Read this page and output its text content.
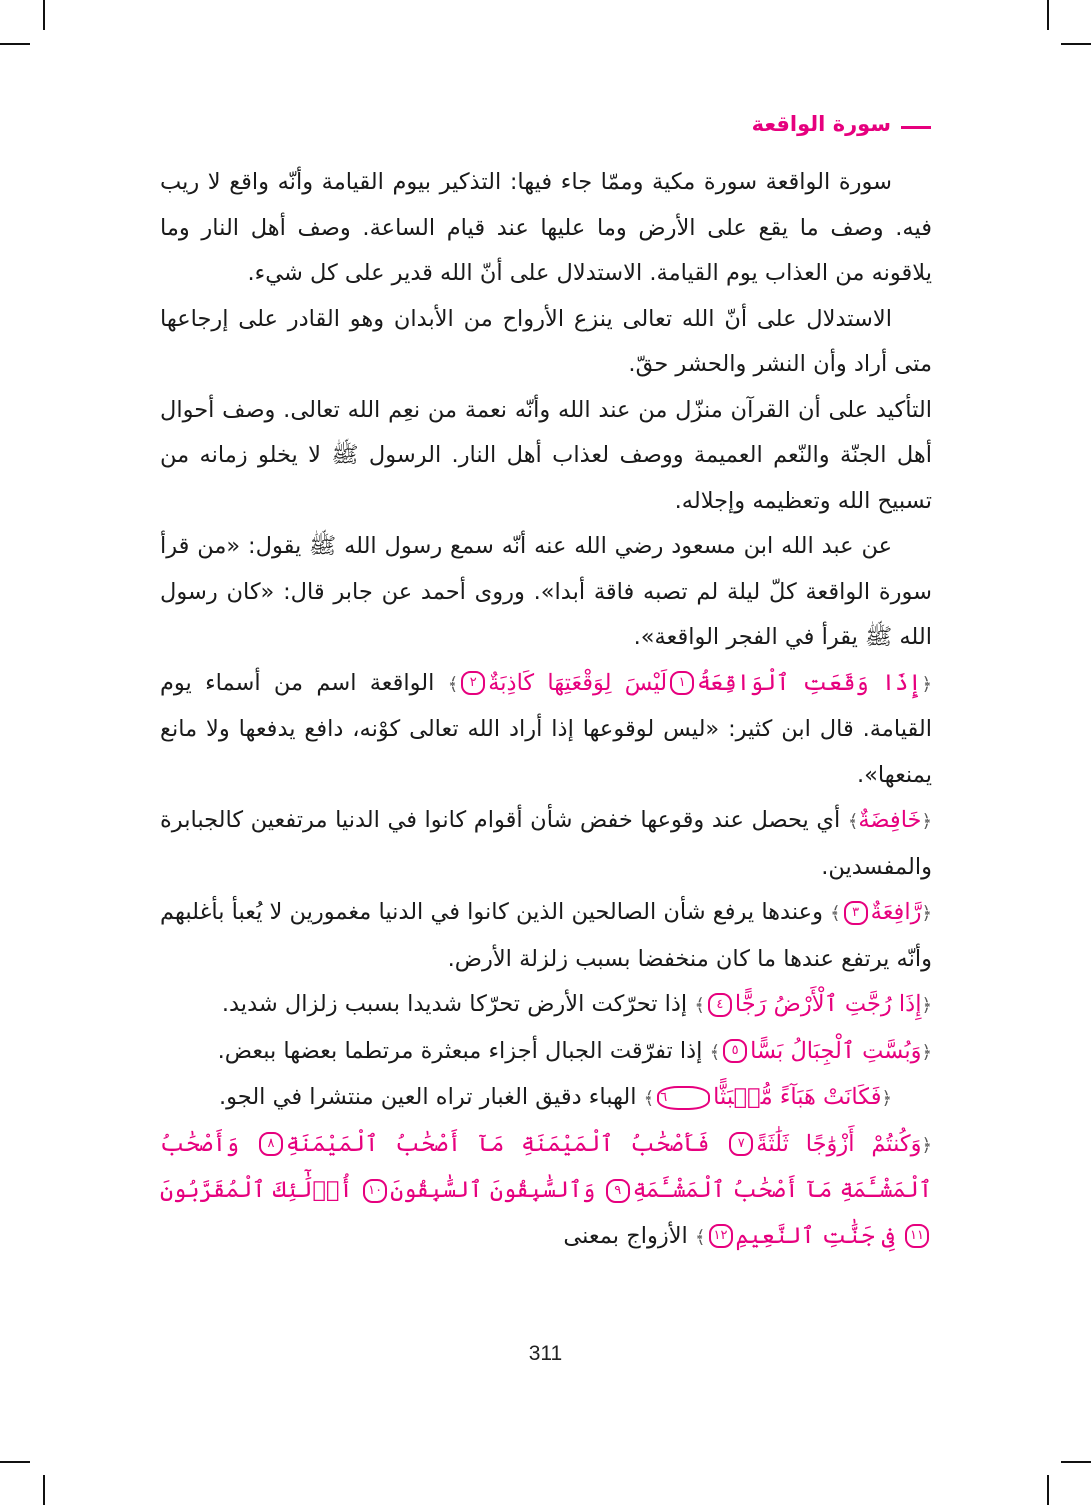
سورة الواقعة

سورة الواقعة سورة مكية وممّا جاء فيها: التذكير بيوم القيامة وأنّه واقع لا ريب فيه. وصف ما يقع على الأرض وما عليها عند قيام الساعة. وصف أهل النار وما يلاقونه من العذاب يوم القيامة. الاستدلال على أنّ الله قدير على كل شيء.

الاستدلال على أنّ الله تعالى ينزع الأرواح من الأبدان وهو القادر على إرجاعها متى أراد وأن النشر والحشر حقّ.

التأكيد على أن القرآن منزّل من عند الله وأنّه نعمة من نعِم الله تعالى. وصف أحوال أهل الجنّة والنّعم العميمة ووصف لعذاب أهل النار. الرسول ﷺ لا يخلو زمانه من تسبيح الله وتعظيمه وإجلاله.

عن عبد الله ابن مسعود رضي الله عنه أنّه سمع رسول الله ﷺ يقول: «من قرأ سورة الواقعة كلّ ليلة لم تصبه فاقة أبدا». وروى أحمد عن جابر قال: «كان رسول الله ﷺ يقرأ في الفجر الواقعة».

﴿إِذَا وَقَعَتِ ٱلْوَاقِعَةُ١لَيْسَ لِوَقْعَتِهَا كَاذِبَةٌ٢﴾ الواقعة اسم من أسماء يوم القيامة. قال ابن كثير: «ليس لوقوعها إذا أراد الله تعالى كوْنه، دافع يدفعها ولا مانع يمنعها».

﴿خَافِضَةٌ﴾ أي يحصل عند وقوعها خفض شأن أقوام كانوا في الدنيا مرتفعين كالجبابرة والمفسدين.

﴿رَّافِعَةٌ٣﴾ وعندها يرفع شأن الصالحين الذين كانوا في الدنيا مغمورين لا يُعبأ بأغلبهم وأنّه يرتفع عندها ما كان منخفضا بسبب زلزلة الأرض.

﴿إِذَا رُجَّتِ ٱلْأَرْضُ رَجًّا٤﴾ إذا تحرّكت الأرض تحرّكا شديدا بسبب زلزال شديد.

﴿وَبُسَّتِ ٱلْجِبَالُ بَسًّا٥﴾ إذا تفرّقت الجبال أجزاء مبعثرة مرتطما بعضها ببعض.

﴿فَكَانَتْ هَبَآءً مُّنۢبَثًّا٦﴾ الهباء دقيق الغبار تراه العين منتشرا في الجو.

﴿وَكُنتُمْ أَزْوَٰجًا ثَلَٰثَةً٧ فَأَصْحَٰبُ ٱلْمَيْمَنَةِ مَآ أَصْحَٰبُ ٱلْمَيْمَنَةِ٨ وَأَصْحَٰبُ ٱلْمَشْـَٔمَةِ مَآ أَصْحَٰبُ ٱلْمَشْـَٔمَةِ٩ وَٱلسَّٰبِقُونَ ٱلسَّٰبِقُونَ١٠ أُو۟لَٰٓئِكَ ٱلْمُقَرَّبُونَ١١ فِى جَنَّٰتِ ٱلنَّعِيمِ١٢﴾ الأزواج بمعنى

311
